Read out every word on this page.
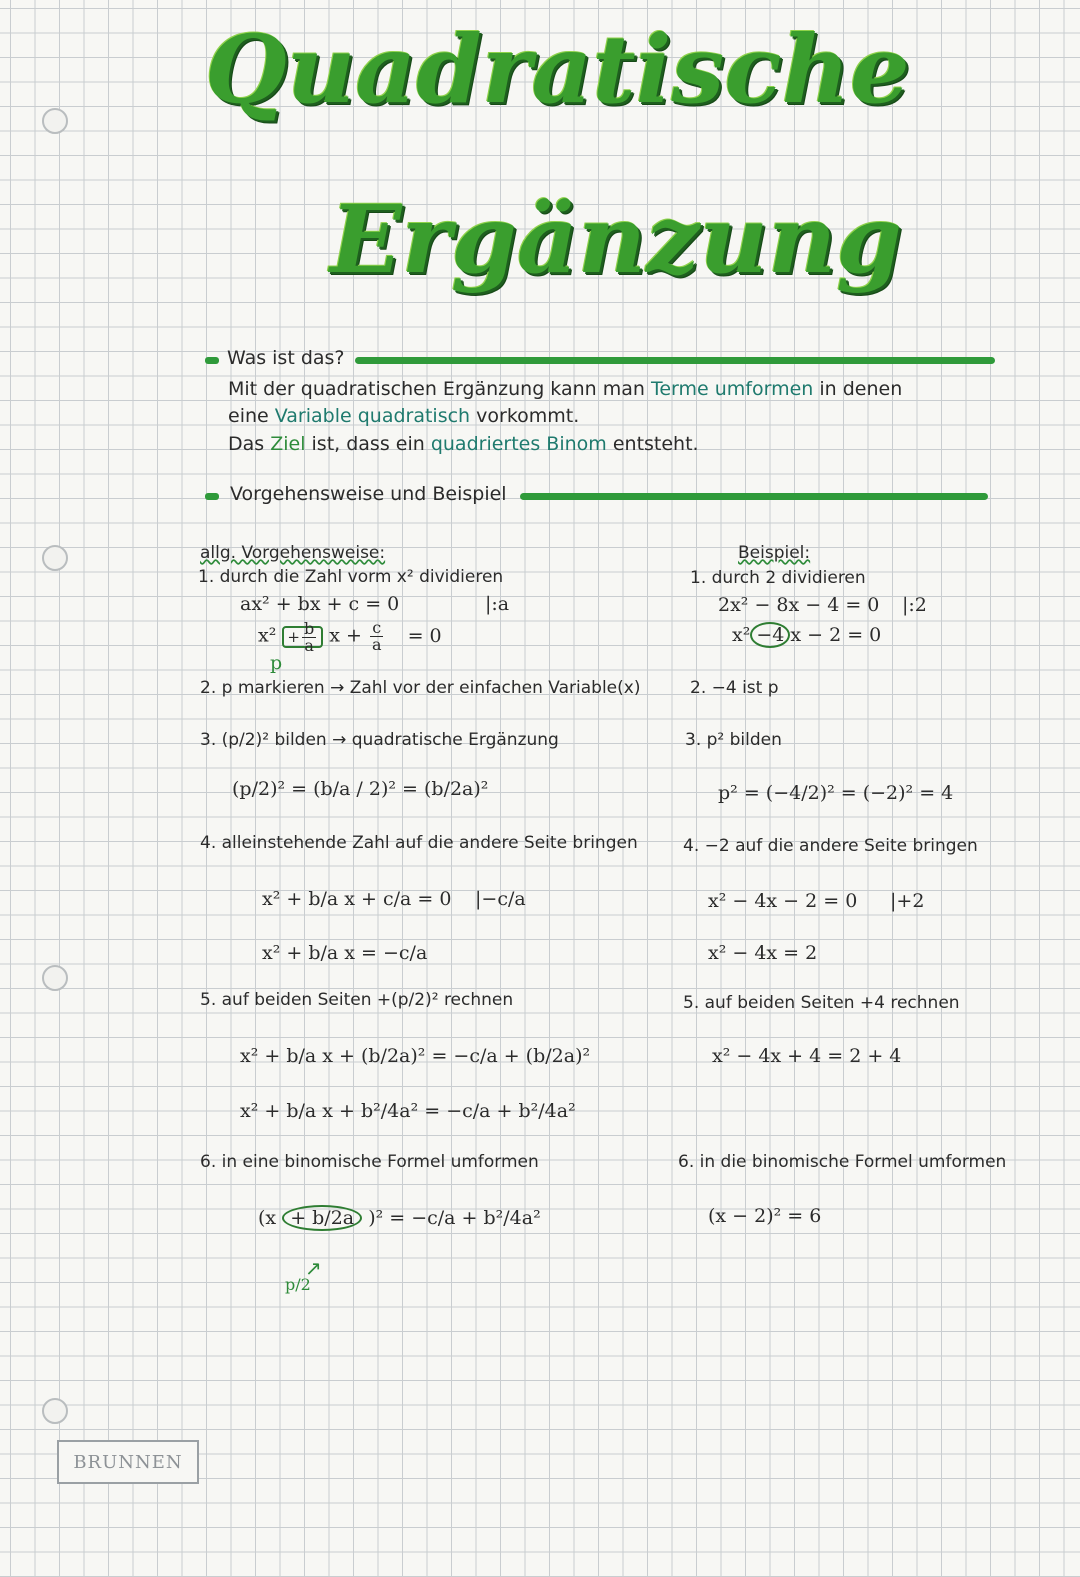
Quadratische
Ergänzung
Was ist das?
Mit der quadratischen Ergänzung kann man Terme umformen in denen
eine Variable quadratisch vorkommt.
Das Ziel ist, dass ein quadriertes Binom entsteht.
Vorgehensweise und Beispiel
allg. Vorgehensweise:
1. durch die Zahl vorm x² dividieren
ax² + bx + c = 0	|:a
$x^2 + \frac{b}{a}$ $x + \frac{c}{a} = 0$
p
2. p markieren → Zahl vor der einfachen Variable(x)
3. (p/2)² bilden → quadratische Ergänzung
(p/2)² = (b/a / 2)² = (b/2a)²
4. alleinstehende Zahl auf die andere Seite bringen
x² + b/a x + c/a = 0 |−c/a
x² + b/a x = −c/a
5. auf beiden Seiten +(p/2)² rechnen
x² + b/a x + (b/2a)² = −c/a + (b/2a)²
x² + b/a x + b²/4a² = −c/a + b²/4a²
6. in eine binomische Formel umformen
(x + b/2a )² = −c/a + b²/4a²
p/2
↗
Beispiel:
1. durch 2 dividieren
2x² − 8x − 4 = 0 |:2
x² −4 x − 2 = 0
2. −4 ist p
3. p² bilden
p² = (−4/2)² = (−2)² = 4
4. −2 auf die andere Seite bringen
x² − 4x − 2 = 0 |+2
x² − 4x = 2
5. auf beiden Seiten +4 rechnen
x² − 4x + 4 = 2 + 4
6. in die binomische Formel umformen
(x − 2)² = 6
BRUNNEN
